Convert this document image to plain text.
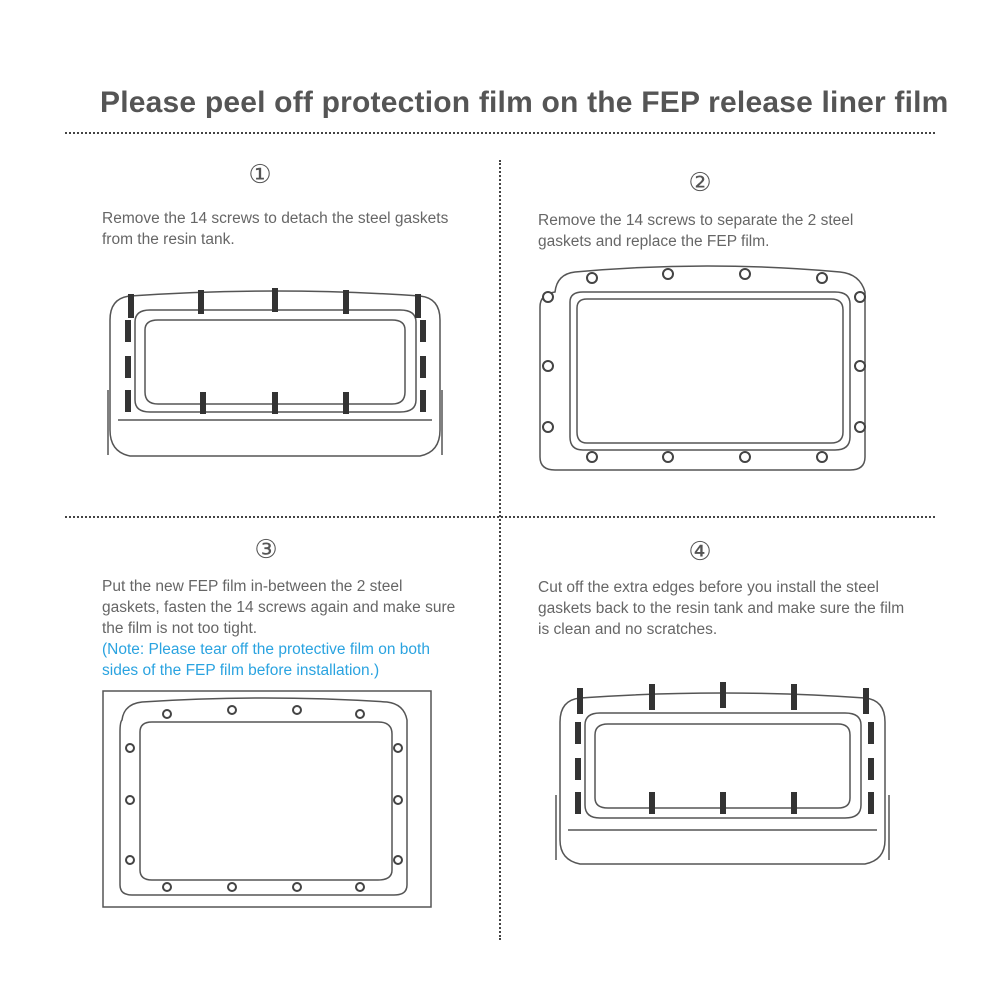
Please peel off protection film on the FEP release liner film
①

Remove the 14 screws to detach the steel gaskets from the resin tank.

②

Remove the 14 screws to separate the 2 steel gaskets and replace the FEP film.

③

Put the new FEP film in-between the 2 steel gaskets, fasten the 14 screws again and make sure the film is not too tight.

(Note: Please tear off the protective film on both sides of the FEP film before installation.)

④

Cut off the extra edges before you install the steel gaskets back to the resin tank and make sure the film is clean and no scratches.
